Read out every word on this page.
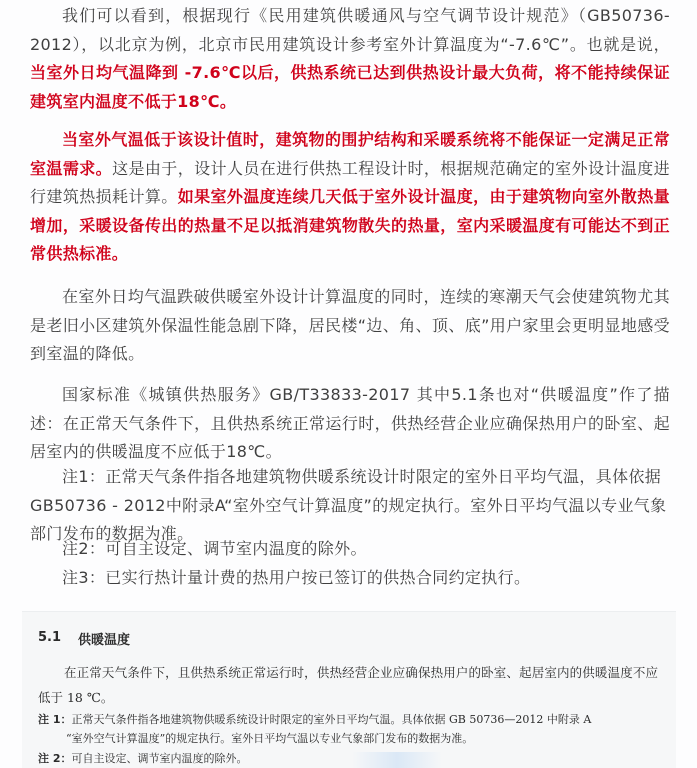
我们可以看到，根据现行《民用建筑供暖通风与空气调节设计规范》（GB50736-2012），以北京为例，北京市民用建筑设计参考室外计算温度为“-7.6℃”。也就是说，当室外日均气温降到 -7.6℃以后，供热系统已达到供热设计最大负荷，将不能持续保证建筑室内温度不低于18℃。

当室外气温低于该设计值时，建筑物的围护结构和采暖系统将不能保证一定满足正常室温需求。这是由于，设计人员在进行供热工程设计时，根据规范确定的室外设计温度进行建筑热损耗计算。如果室外温度连续几天低于室外设计温度，由于建筑物向室外散热量增加，采暖设备传出的热量不足以抵消建筑物散失的热量，室内采暖温度有可能达不到正常供热标准。

在室外日均气温跌破供暖室外设计计算温度的同时，连续的寒潮天气会使建筑物尤其是老旧小区建筑外保温性能急剧下降，居民楼“边、角、顶、底”用户家里会更明显地感受到室温的降低。

国家标准《城镇供热服务》GB/T33833-2017 其中5.1条也对“供暖温度”作了描述：在正常天气条件下，且供热系统正常运行时，供热经营企业应确保热用户的卧室、起居室内的供暖温度不应低于18℃。

注1：正常天气条件指各地建筑物供暖系统设计时限定的室外日平均气温，具体依据GB50736 - 2012中附录A“室外空气计算温度”的规定执行。室外日平均气温以专业气象部门发布的数据为准。

注2：可自主设定、调节室内温度的除外。

注3：已实行热计量计费的热用户按已签订的供热合同约定执行。

5.1 供暖温度

在正常天气条件下，且供热系统正常运行时，供热经营企业应确保热用户的卧室、起居室内的供暖温度不应低于 18 ℃。

注 1：正常天气条件指各地建筑物供暖系统设计时限定的室外日平均气温。具体依据 GB 50736—2012 中附录 A

“室外空气计算温度”的规定执行。室外日平均气温以专业气象部门发布的数据为准。

注 2：可自主设定、调节室内温度的除外。
